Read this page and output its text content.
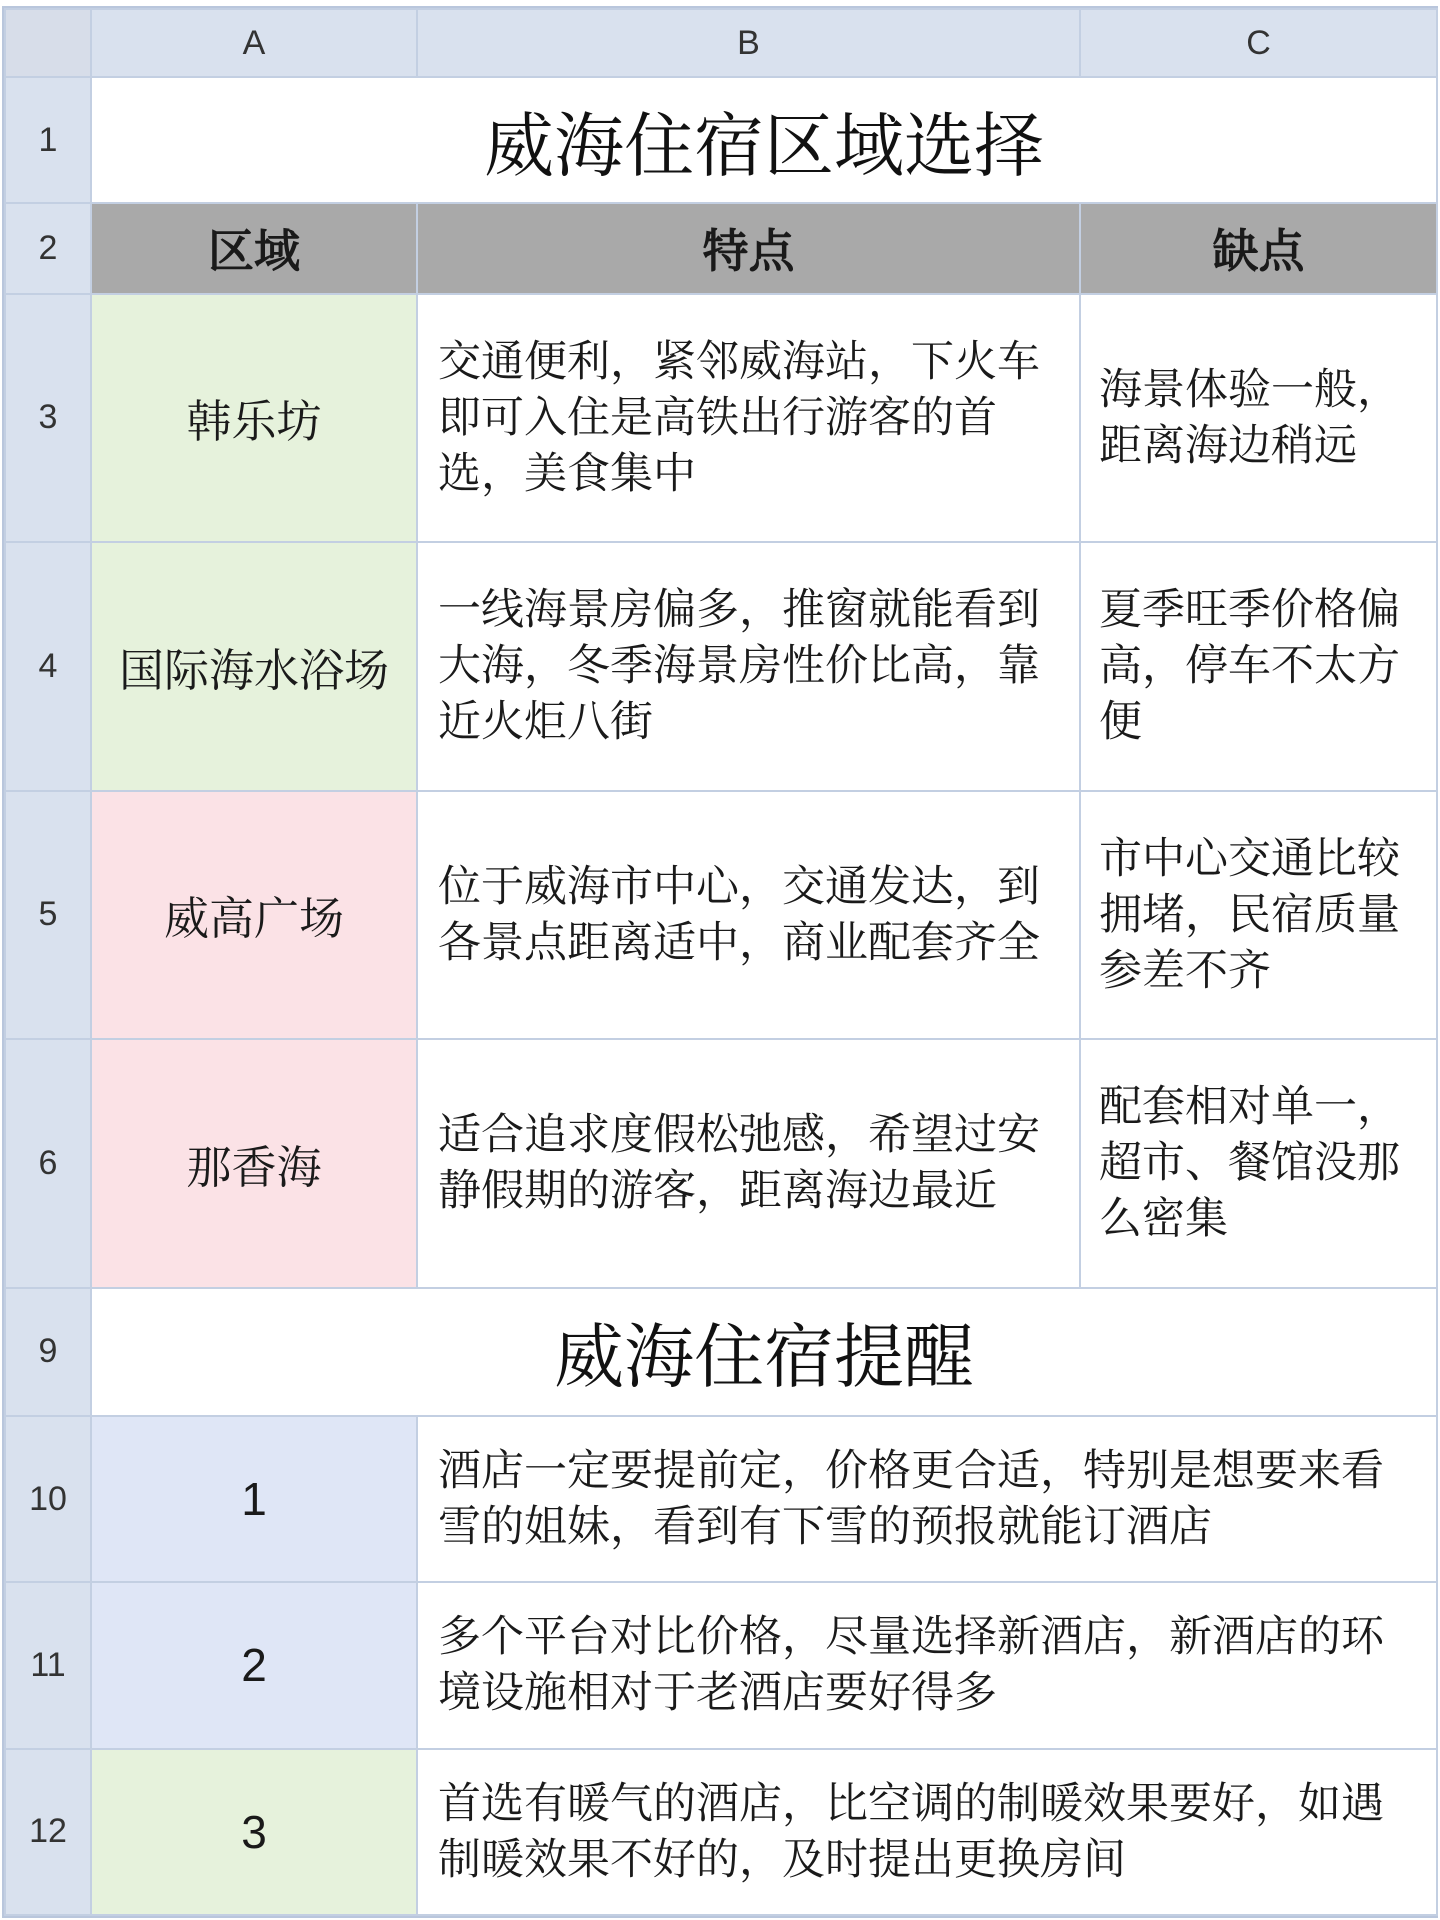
	A	B	C
1	威海住宿区域选择		
2	区域	特点	缺点
3	韩乐坊	交通便利，紧邻威海站，下火车即可入住是高铁出行游客的首选，美食集中	海景体验一般，距离海边稍远
4	国际海水浴场	一线海景房偏多，推窗就能看到大海，冬季海景房性价比高，靠近火炬八街	夏季旺季价格偏高，停车不太方便
5	威高广场	位于威海市中心，交通发达，到各景点距离适中，商业配套齐全	市中心交通比较拥堵，民宿质量参差不齐
6	那香海	适合追求度假松弛感，希望过安静假期的游客，距离海边最近	配套相对单一，超市、餐馆没那么密集
9	威海住宿提醒		
10	1	酒店一定要提前定，价格更合适，特别是想要来看雪的姐妹，看到有下雪的预报就能订酒店	
11	2	多个平台对比价格，尽量选择新酒店，新酒店的环境设施相对于老酒店要好得多	
12	3	首选有暖气的酒店，比空调的制暖效果要好，如遇制暖效果不好的，及时提出更换房间	
